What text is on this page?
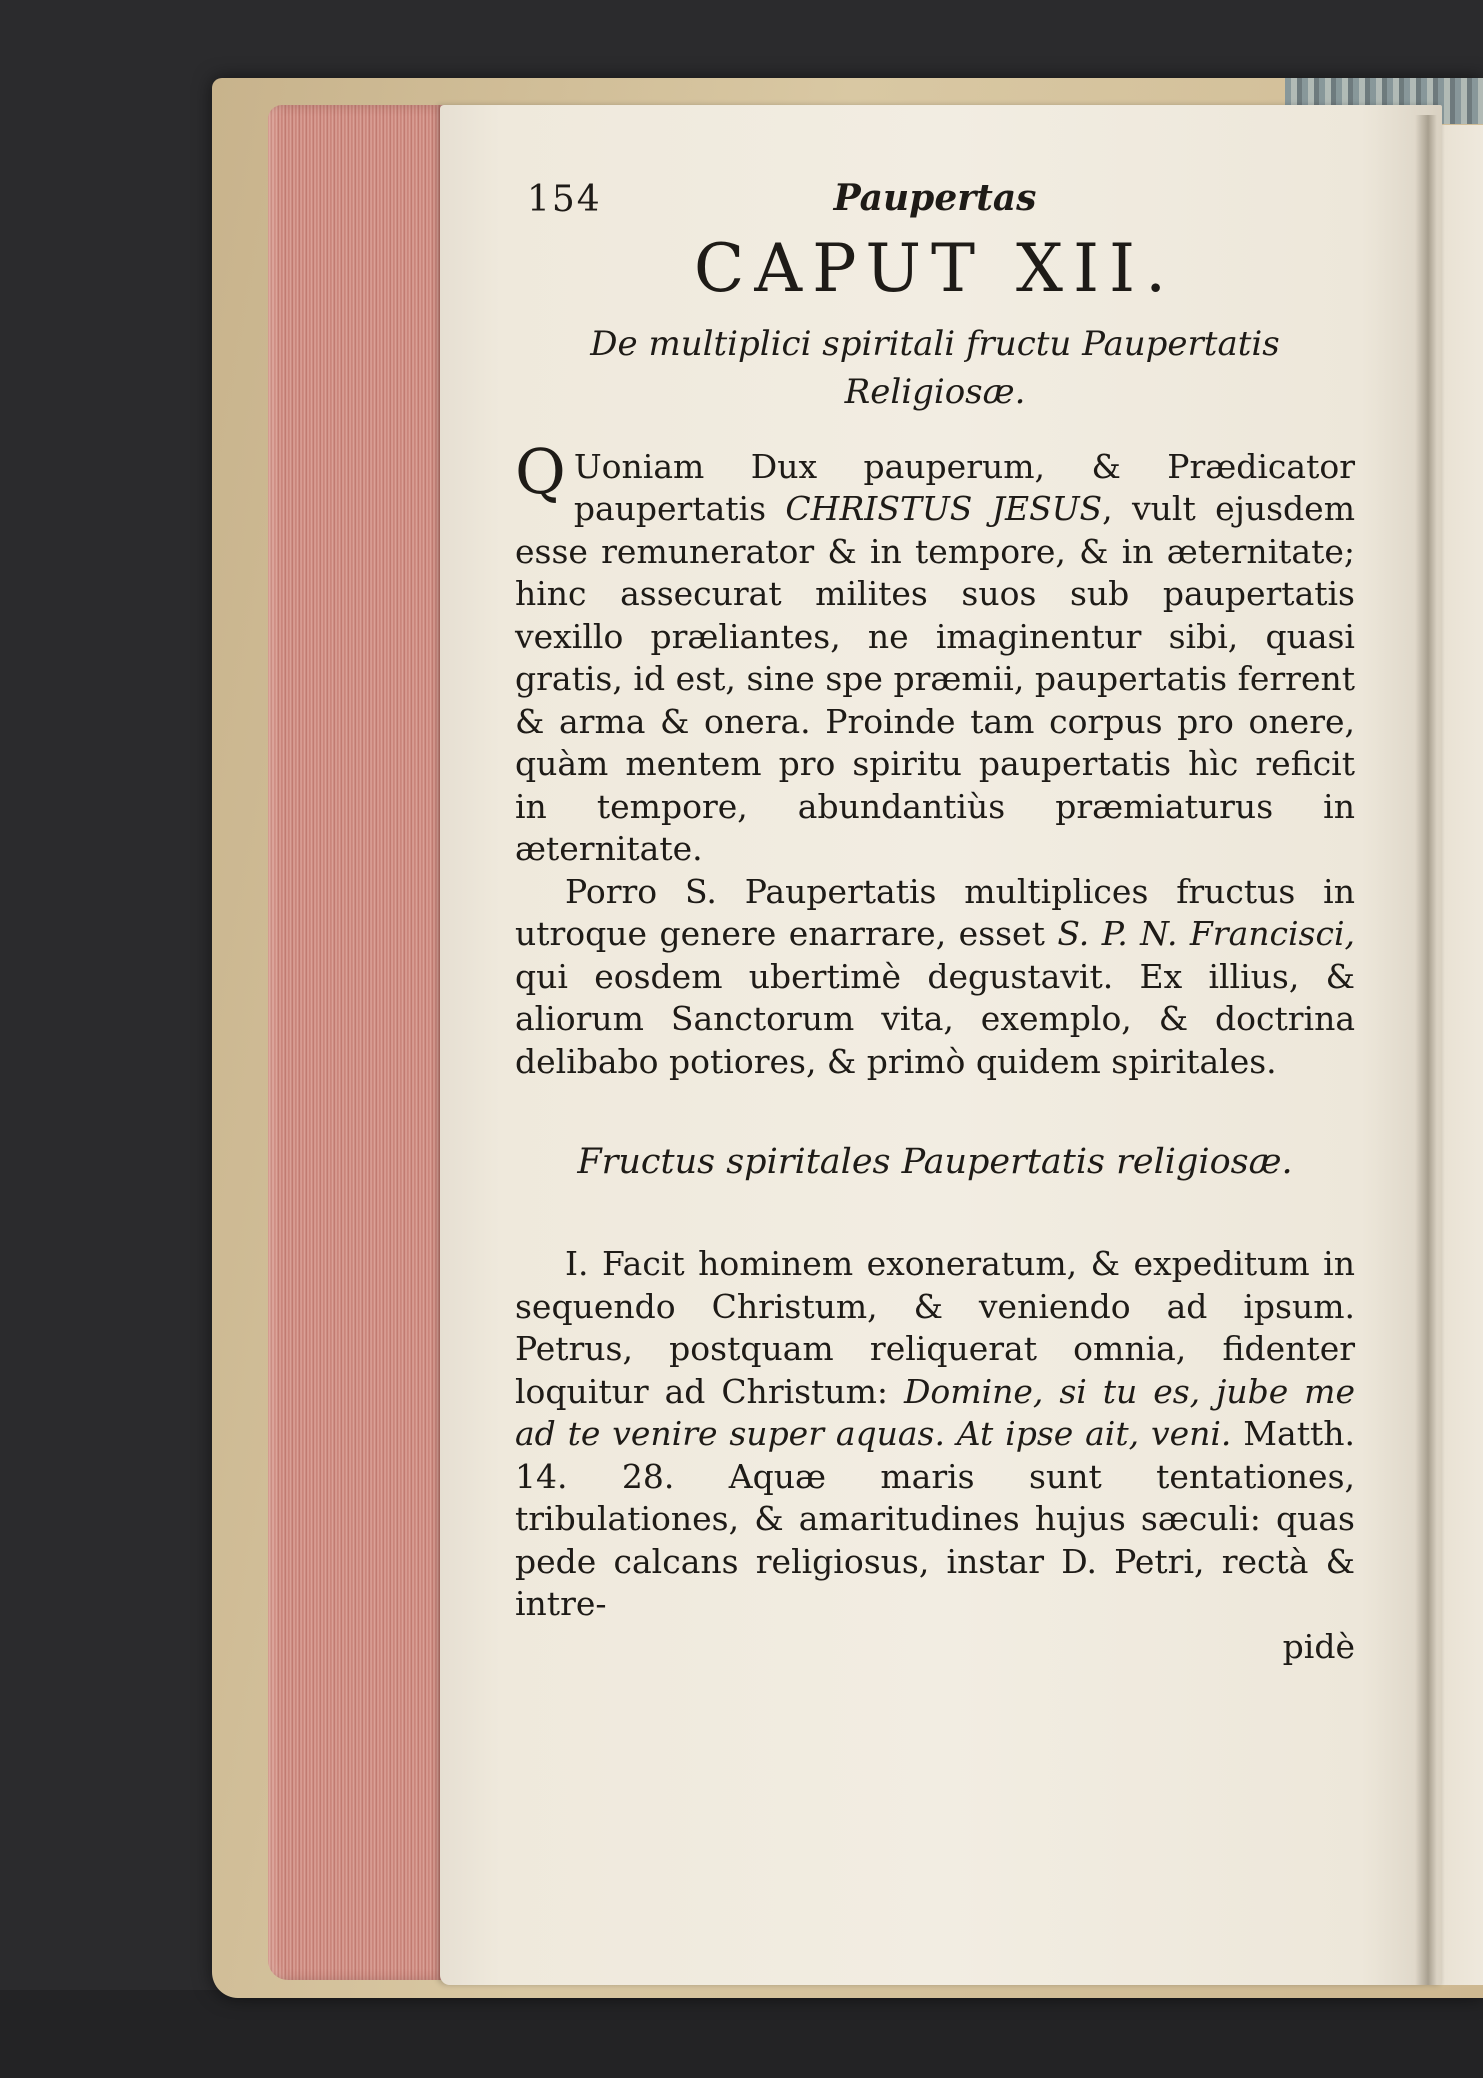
154	Paupertas
CAPUT XII.
De multiplici spiritali fructu Paupertatis Religiosæ.

Q Uoniam Dux pauperum, & Prædicator paupertatis CHRISTUS JESUS, vult ejusdem esse remunerator & in tempore, & in æternitate; hinc assecurat milites suos sub paupertatis vexillo præliantes, ne imaginentur sibi, quasi gratis, id est, sine spe præmii, paupertatis ferrent & arma & onera. Proinde tam corpus pro onere, quàm mentem pro spiritu paupertatis hìc reficit in tempore, abundantiùs præmiaturus in æternitate.

Porro S. Paupertatis multiplices fructus in utroque genere enarrare, esset S. P. N. Francisci, qui eosdem ubertimè degustavit. Ex illius, & aliorum Sanctorum vita, exemplo, & doctrina delibabo potiores, & primò quidem spiritales.

Fructus spiritales Paupertatis religiosæ.

I. Facit hominem exoneratum, & expeditum in sequendo Christum, & veniendo ad ipsum. Petrus, postquam reliquerat omnia, fidenter loquitur ad Christum: Domine, si tu es, jube me ad te venire super aquas. At ipse ait, veni. Matth. 14. 28. Aquæ maris sunt tentationes, tribulationes, & amaritudines hujus sæculi: quas pede calcans religiosus, instar D. Petri, rectà & intre-

pidè
